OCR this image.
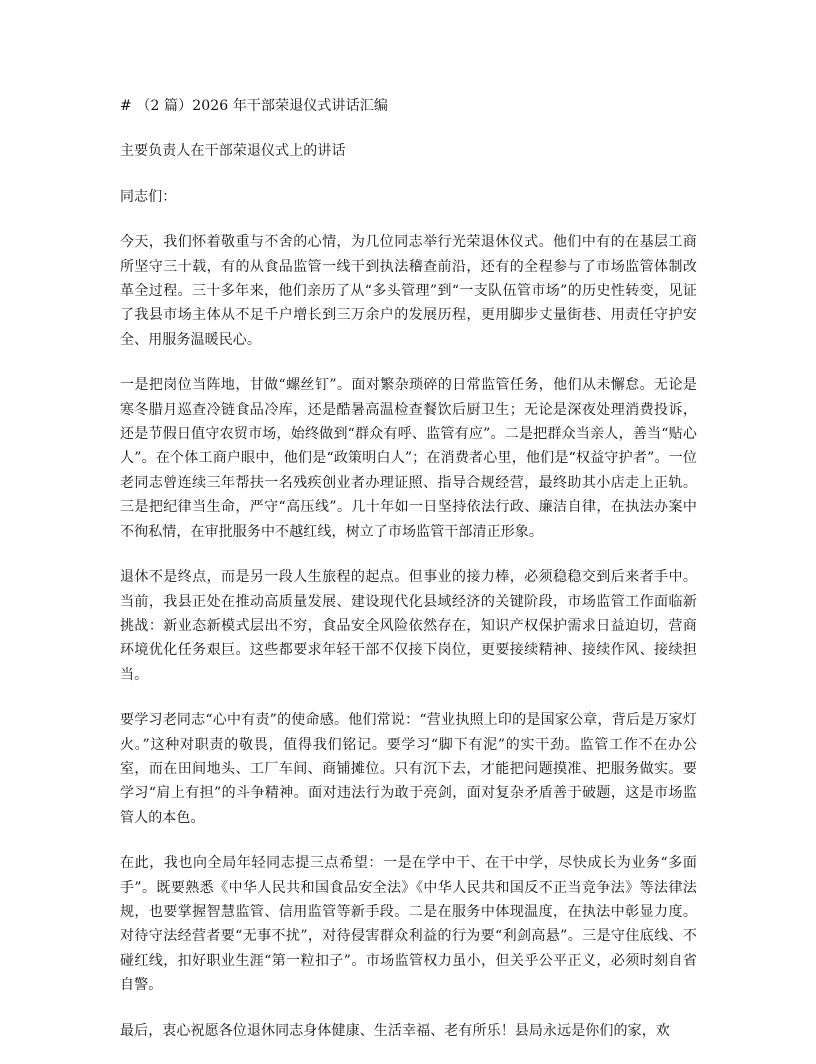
# （2 篇）2026 年干部荣退仪式讲话汇编

主要负责人在干部荣退仪式上的讲话

同志们：

今天，我们怀着敬重与不舍的心情，为几位同志举行光荣退休仪式。他们中有的在基层工商所坚守三十载，有的从食品监管一线干到执法稽查前沿，还有的全程参与了市场监管体制改革全过程。三十多年来，他们亲历了从“多头管理”到“一支队伍管市场”的历史性转变，见证了我县市场主体从不足千户增长到三万余户的发展历程，更用脚步丈量街巷、用责任守护安全、用服务温暖民心。

一是把岗位当阵地，甘做“螺丝钉”。面对繁杂琐碎的日常监管任务，他们从未懈怠。无论是寒冬腊月巡查冷链食品冷库，还是酷暑高温检查餐饮后厨卫生；无论是深夜处理消费投诉，还是节假日值守农贸市场，始终做到“群众有呼、监管有应”。二是把群众当亲人，善当“贴心人”。在个体工商户眼中，他们是“政策明白人”；在消费者心里，他们是“权益守护者”。一位老同志曾连续三年帮扶一名残疾创业者办理证照、指导合规经营，最终助其小店走上正轨。三是把纪律当生命，严守“高压线”。几十年如一日坚持依法行政、廉洁自律，在执法办案中不徇私情，在审批服务中不越红线，树立了市场监管干部清正形象。

退休不是终点，而是另一段人生旅程的起点。但事业的接力棒，必须稳稳交到后来者手中。当前，我县正处在推动高质量发展、建设现代化县域经济的关键阶段，市场监管工作面临新挑战：新业态新模式层出不穷，食品安全风险依然存在，知识产权保护需求日益迫切，营商环境优化任务艰巨。这些都要求年轻干部不仅接下岗位，更要接续精神、接续作风、接续担当。

要学习老同志“心中有责”的使命感。他们常说：“营业执照上印的是国家公章，背后是万家灯火。”这种对职责的敬畏，值得我们铭记。要学习“脚下有泥”的实干劲。监管工作不在办公室，而在田间地头、工厂车间、商铺摊位。只有沉下去，才能把问题摸准、把服务做实。要学习“肩上有担”的斗争精神。面对违法行为敢于亮剑，面对复杂矛盾善于破题，这是市场监管人的本色。

在此，我也向全局年轻同志提三点希望：一是在学中干、在干中学，尽快成长为业务“多面手”。既要熟悉《中华人民共和国食品安全法》《中华人民共和国反不正当竞争法》等法律法规，也要掌握智慧监管、信用监管等新手段。二是在服务中体现温度，在执法中彰显力度。对待守法经营者要“无事不扰”，对待侵害群众利益的行为要“利剑高悬”。三是守住底线、不碰红线，扣好职业生涯“第一粒扣子”。市场监管权力虽小，但关乎公平正义，必须时刻自省自警。

最后，衷心祝愿各位退休同志身体健康、生活幸福、老有所乐！县局永远是你们的家，欢
